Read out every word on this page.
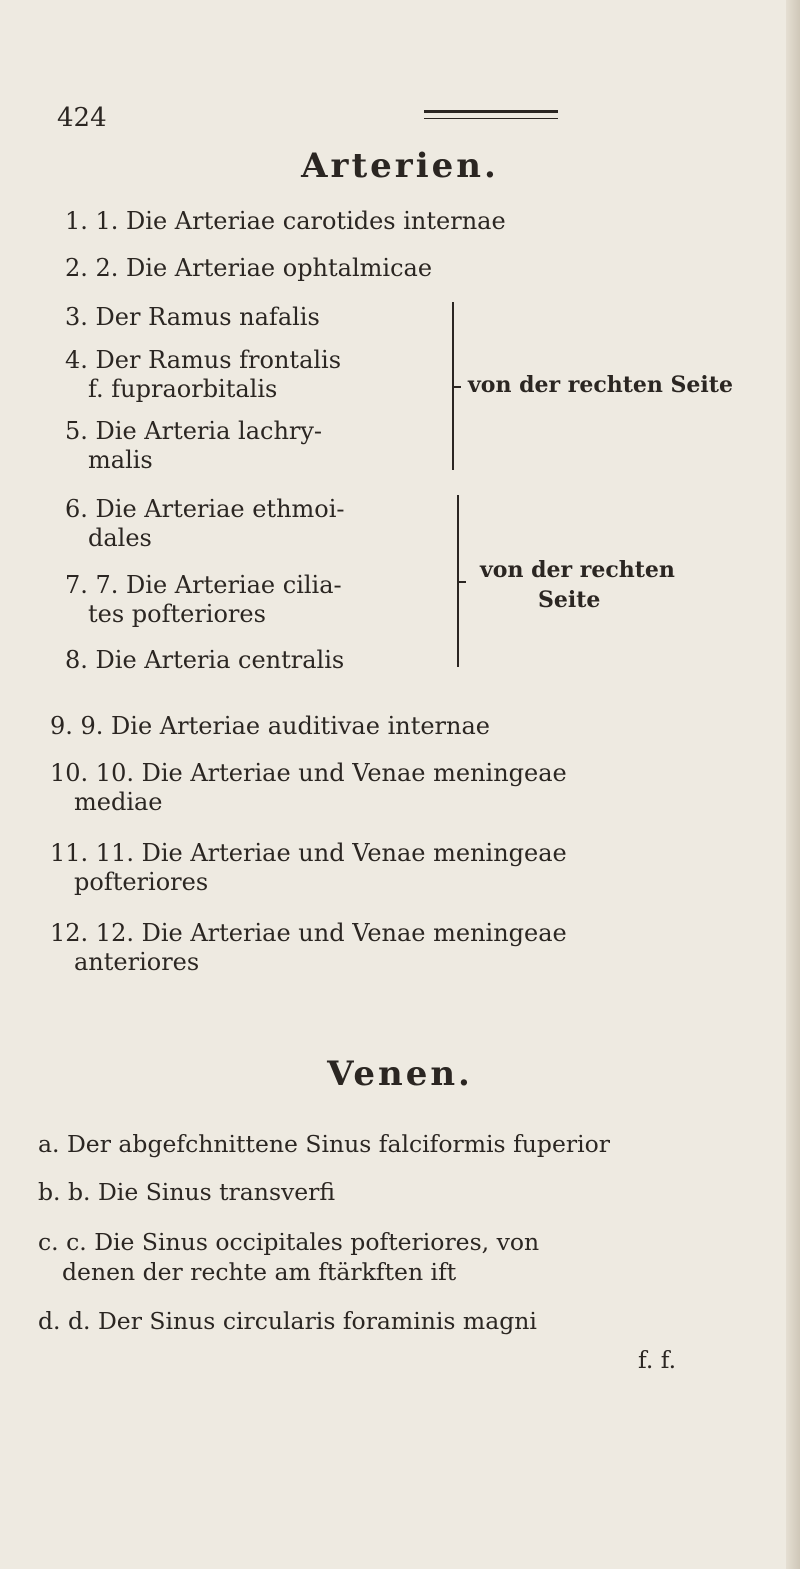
424
Arterien.
1. 1. Die Arteriae carotides internae
2. 2. Die Arteriae ophtalmicae
3. Der Ramus nafalis
4. Der Ramus frontalis
f. fupraorbitalis
5. Die Arteria lachry-
malis
6. Die Arteriae ethmoi-
dales
7. 7. Die Arteriae cilia-
tes pofteriores
8. Die Arteria centralis
von der rechten Seite
von der rechten
Seite
9. 9. Die Arteriae auditivae internae
10. 10. Die Arteriae und Venae meningeae
mediae
11. 11. Die Arteriae und Venae meningeae
pofteriores
12. 12. Die Arteriae und Venae meningeae
anteriores
Venen.
a. Der abgefchnittene Sinus falciformis fuperior
b. b. Die Sinus transverfi
c. c. Die Sinus occipitales pofteriores, von
denen der rechte am ftärkften ift
d. d. Der Sinus circularis foraminis magni
f. f.
